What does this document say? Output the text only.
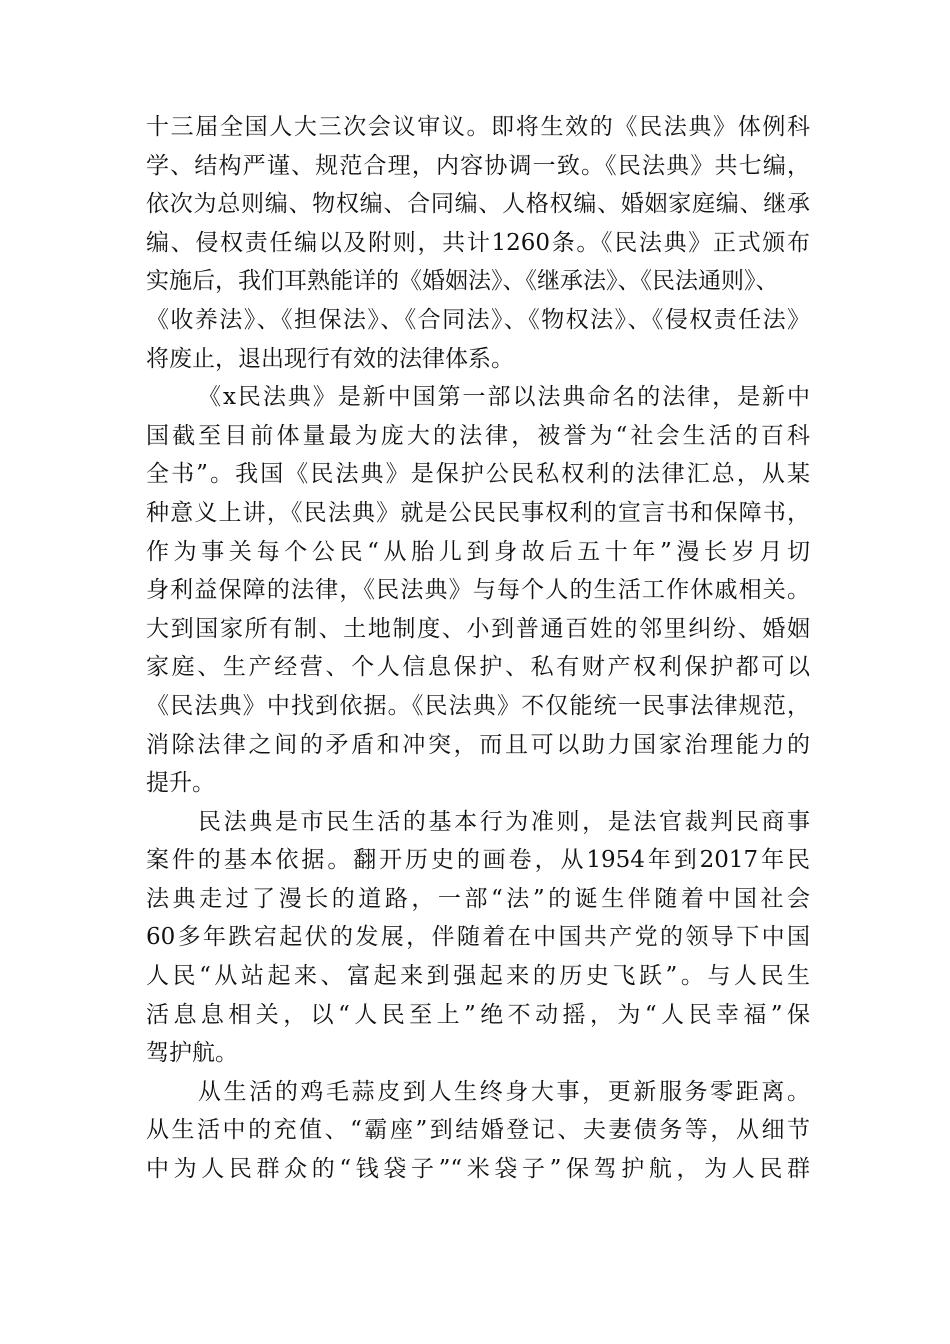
十三届全国人大三次会议审议。即将生效的《民法典》体例科
学、结构严谨、规范合理，内容协调一致。《民法典》共七编，
依次为总则编、物权编、合同编、人格权编、婚姻家庭编、继承
编、侵权责任编以及附则，共计1260条。《民法典》正式颁布
实施后，我们耳熟能详的《婚姻法》、《继承法》、《民法通则》、
《收养法》、《担保法》、《合同法》、《物权法》、《侵权责任法》
将废止，退出现行有效的法律体系。
《x民法典》是新中国第一部以法典命名的法律，是新中
国截至目前体量最为庞大的法律，被誉为“社会生活的百科
全书”。我国《民法典》是保护公民私权利的法律汇总，从某
种意义上讲，《民法典》就是公民民事权利的宣言书和保障书，
作为事关每个公民“从胎儿到身故后五十年”漫长岁月切
身利益保障的法律，《民法典》与每个人的生活工作休戚相关。
大到国家所有制、土地制度、小到普通百姓的邻里纠纷、婚姻
家庭、生产经营、个人信息保护、私有财产权利保护都可以
《民法典》中找到依据。《民法典》不仅能统一民事法律规范，
消除法律之间的矛盾和冲突，而且可以助力国家治理能力的
提升。
民法典是市民生活的基本行为准则，是法官裁判民商事
案件的基本依据。翻开历史的画卷，从1954年到2017年民
法典走过了漫长的道路，一部“法”的诞生伴随着中国社会
60多年跌宕起伏的发展，伴随着在中国共产党的领导下中国
人民“从站起来、富起来到强起来的历史飞跃”。与人民生
活息息相关，以“人民至上”绝不动摇，为“人民幸福”保
驾护航。
从生活的鸡毛蒜皮到人生终身大事，更新服务零距离。
从生活中的充值、“霸座”到结婚登记、夫妻债务等，从细节
中为人民群众的“钱袋子”“米袋子”保驾护航，为人民群
